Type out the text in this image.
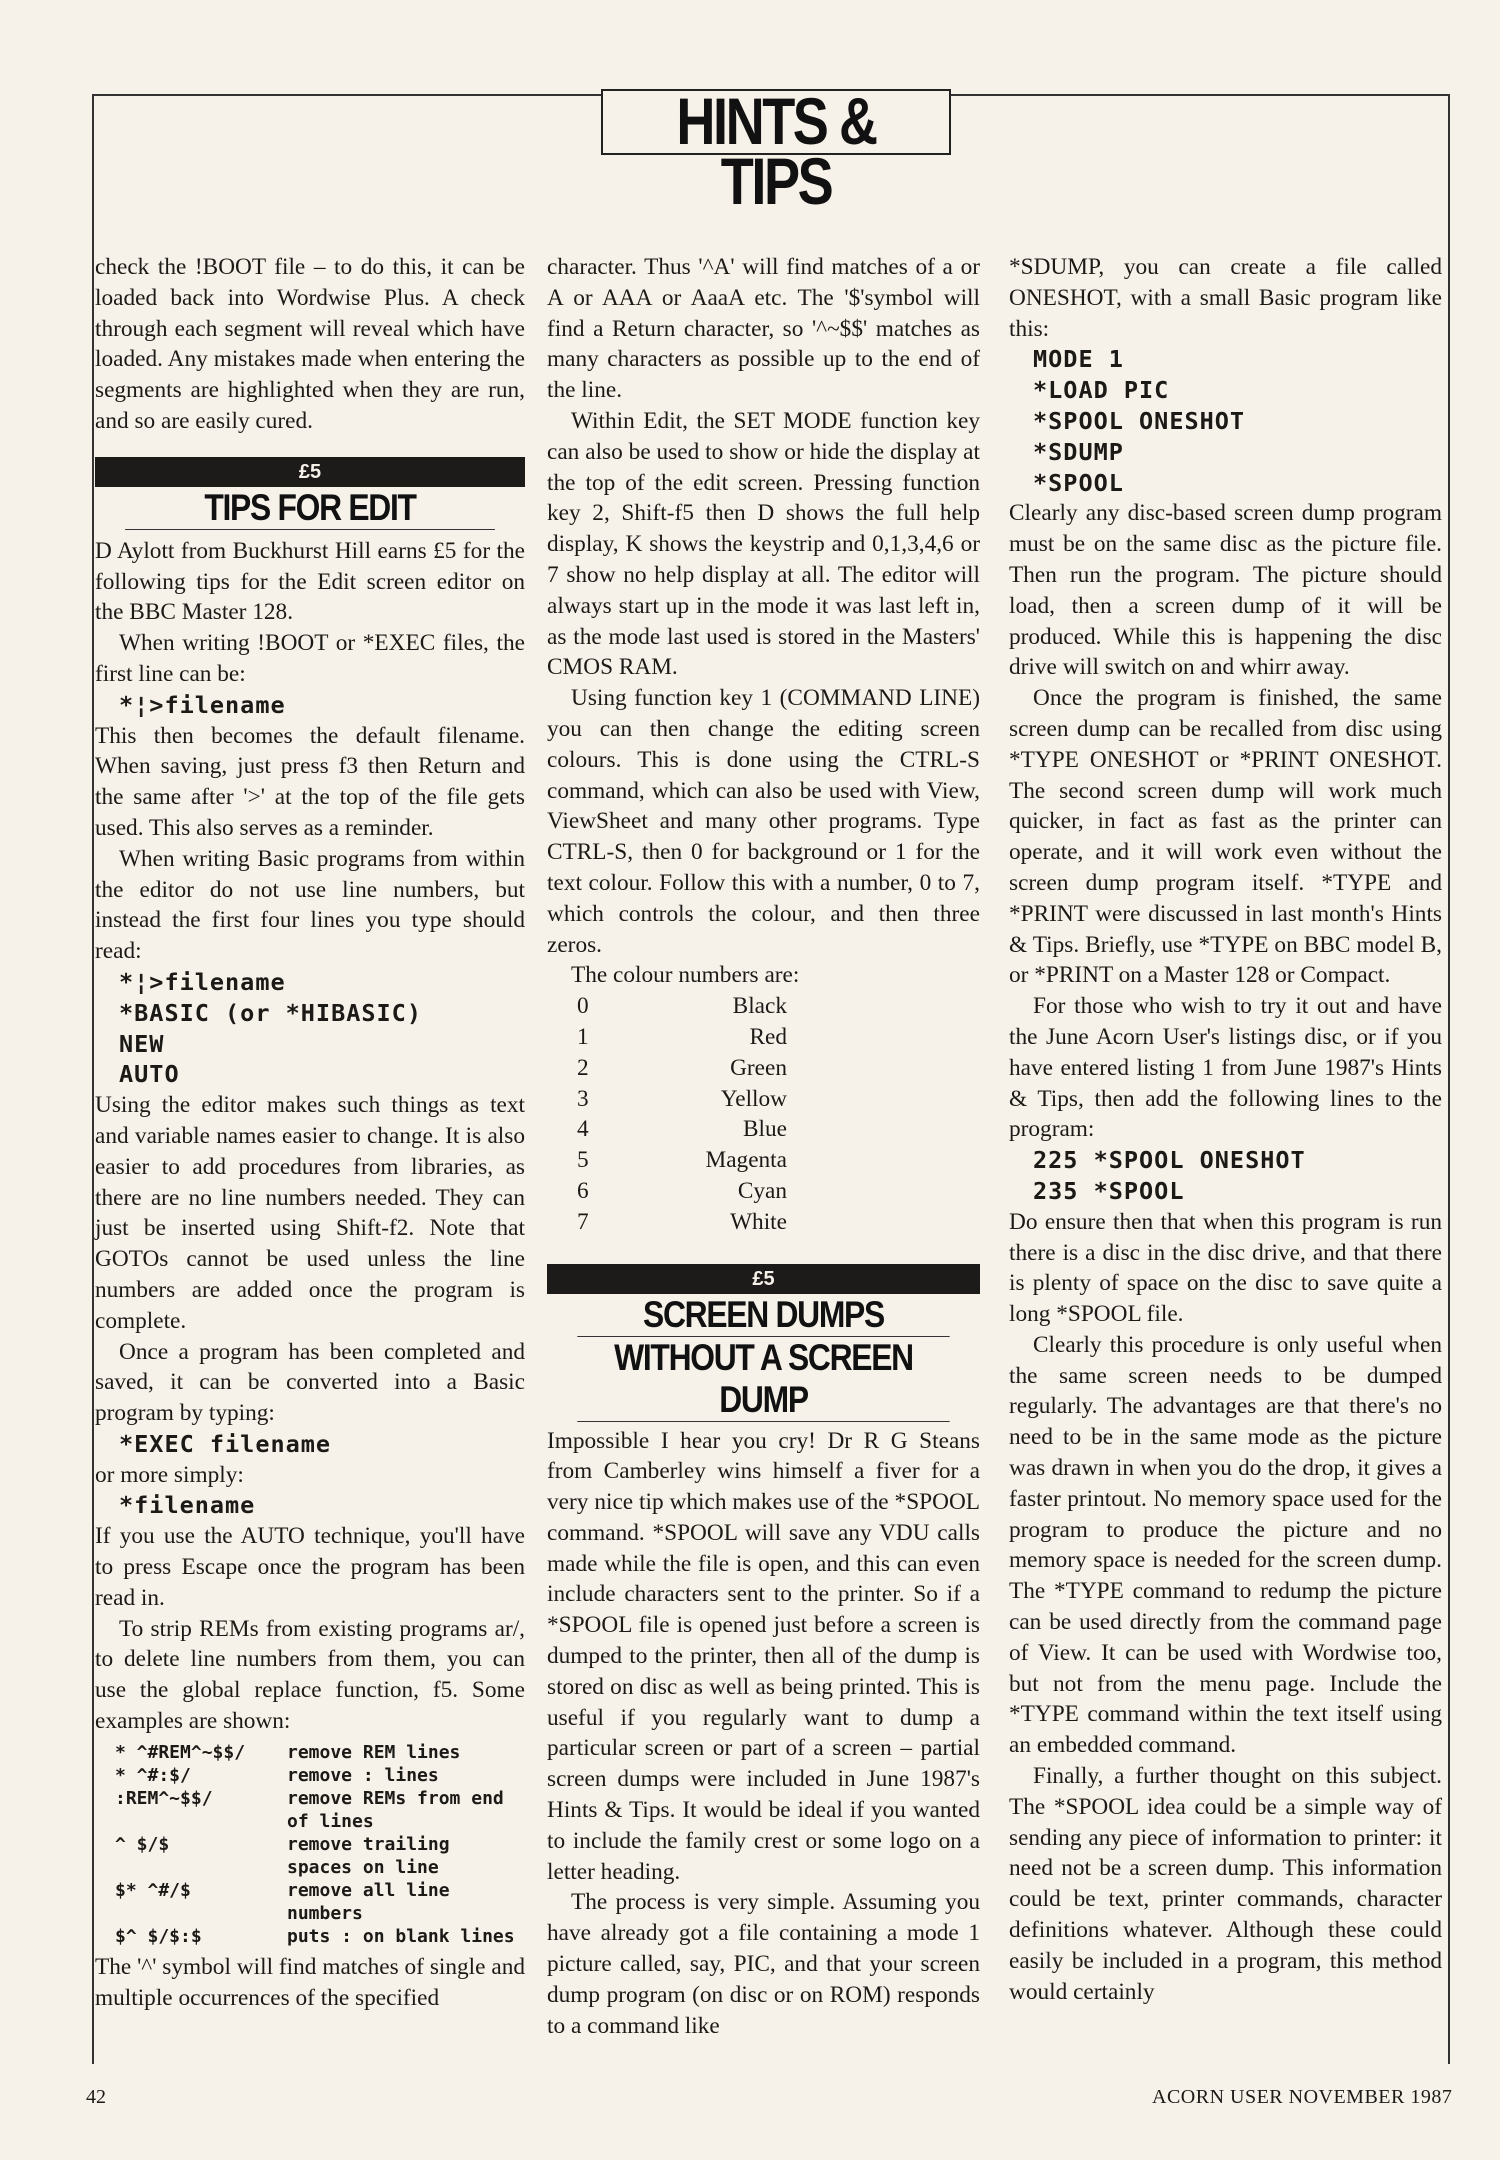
HINTS & TIPS

check the !BOOT file – to do this, it can be loaded back into Wordwise Plus. A check through each segment will reveal which have loaded. Any mistakes made when entering the segments are highlighted when they are run, and so are easily cured.

£5
TIPS FOR EDIT

D Aylott from Buckhurst Hill earns £5 for the following tips for the Edit screen editor on the BBC Master 128.

When writing !BOOT or *EXEC files, the first line can be:

*¦>filename

This then becomes the default filename. When saving, just press f3 then Return and the same after '>' at the top of the file gets used. This also serves as a reminder.

When writing Basic programs from within the editor do not use line numbers, but instead the first four lines you type should read:

*¦>filename
*BASIC (or *HIBASIC)
NEW
AUTO

Using the editor makes such things as text and variable names easier to change. It is also easier to add procedures from libraries, as there are no line numbers needed. They can just be inserted using Shift-f2. Note that GOTOs cannot be used unless the line numbers are added once the program is complete.

Once a program has been completed and saved, it can be converted into a Basic program by typing:

*EXEC filename

or more simply:

*filename

If you use the AUTO technique, you'll have to press Escape once the program has been read in.

To strip REMs from existing programs ar/, to delete line numbers from them, you can use the global replace function, f5. Some examples are shown:

* ^#REM^~$$/	remove REM lines
* ^#:$/	remove : lines
:REM^~$$/	remove REMs from end of lines
^ $/$	remove trailing spaces on line
$* ^#/$	remove all line numbers
$^ $/$:$	puts : on blank lines

The '^' symbol will find matches of single and multiple occurrences of the specified

character. Thus '^A' will find matches of a or A or AAA or AaaA etc. The '$'symbol will find a Return character, so '^~$$' matches as many characters as possible up to the end of the line.

Within Edit, the SET MODE function key can also be used to show or hide the display at the top of the edit screen. Pressing function key 2, Shift-f5 then D shows the full help display, K shows the keystrip and 0,1,3,4,6 or 7 show no help display at all. The editor will always start up in the mode it was last left in, as the mode last used is stored in the Masters' CMOS RAM.

Using function key 1 (COMMAND LINE) you can then change the editing screen colours. This is done using the CTRL-S command, which can also be used with View, ViewSheet and many other programs. Type CTRL-S, then 0 for background or 1 for the text colour. Follow this with a number, 0 to 7, which controls the colour, and then three zeros.

The colour numbers are:

0	Black
1	Red
2	Green
3	Yellow
4	Blue
5	Magenta
6	Cyan
7	White
£5
SCREEN DUMPS
WITHOUT A SCREEN DUMP

Impossible I hear you cry! Dr R G Steans from Camberley wins himself a fiver for a very nice tip which makes use of the *SPOOL command. *SPOOL will save any VDU calls made while the file is open, and this can even include characters sent to the printer. So if a *SPOOL file is opened just before a screen is dumped to the printer, then all of the dump is stored on disc as well as being printed. This is useful if you regularly want to dump a particular screen or part of a screen – partial screen dumps were included in June 1987's Hints & Tips. It would be ideal if you wanted to include the family crest or some logo on a letter heading.

The process is very simple. Assuming you have already got a file containing a mode 1 picture called, say, PIC, and that your screen dump program (on disc or on ROM) responds to a command like

*SDUMP, you can create a file called ONESHOT, with a small Basic program like this:

MODE 1
*LOAD PIC
*SPOOL ONESHOT
*SDUMP
*SPOOL

Clearly any disc-based screen dump program must be on the same disc as the picture file. Then run the program. The picture should load, then a screen dump of it will be produced. While this is happening the disc drive will switch on and whirr away.

Once the program is finished, the same screen dump can be recalled from disc using *TYPE ONESHOT or *PRINT ONESHOT. The second screen dump will work much quicker, in fact as fast as the printer can operate, and it will work even without the screen dump program itself. *TYPE and *PRINT were discussed in last month's Hints & Tips. Briefly, use *TYPE on BBC model B, or *PRINT on a Master 128 or Compact.

For those who wish to try it out and have the June Acorn User's listings disc, or if you have entered listing 1 from June 1987's Hints & Tips, then add the following lines to the program:

225 *SPOOL ONESHOT
235 *SPOOL

Do ensure then that when this program is run there is a disc in the disc drive, and that there is plenty of space on the disc to save quite a long *SPOOL file.

Clearly this procedure is only useful when the same screen needs to be dumped regularly. The advantages are that there's no need to be in the same mode as the picture was drawn in when you do the drop, it gives a faster printout. No memory space used for the program to produce the picture and no memory space is needed for the screen dump. The *TYPE command to redump the picture can be used directly from the command page of View. It can be used with Wordwise too, but not from the menu page. Include the *TYPE command within the text itself using an embedded command.

Finally, a further thought on this subject. The *SPOOL idea could be a simple way of sending any piece of information to printer: it need not be a screen dump. This information could be text, printer commands, character definitions whatever. Although these could easily be included in a program, this method would certainly

42	ACORN USER NOVEMBER 1987
